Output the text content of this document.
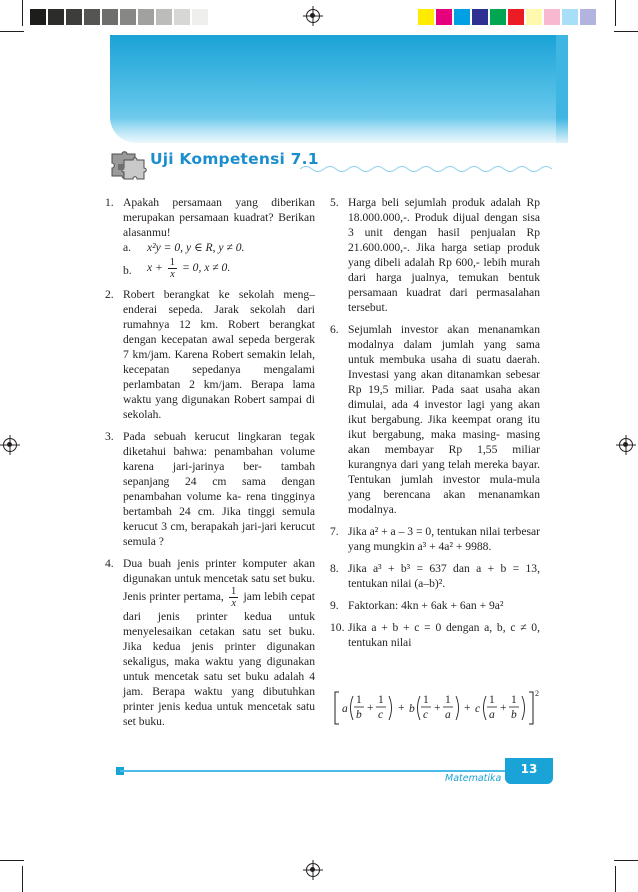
Uji Kompetensi 7.1
1. Apakah persamaan yang diberikan merupakan persamaan kuadrat? Berikan alasanmu!
a. x²y = 0, y ∈ R, y ≠ 0.
b. $x + \frac{1}{x} = 0$, x ≠ 0.
2. Robert berangkat ke sekolah meng– enderai sepeda. Jarak sekolah dari rumahnya 12 km. Robert berangkat dengan kecepatan awal sepeda bergerak 7 km/jam. Karena Robert semakin lelah, kecepatan sepedanya mengalami perlambatan 2 km/jam. Berapa lama waktu yang digunakan Robert sampai di sekolah.
3. Pada sebuah kerucut lingkaran tegak diketahui bahwa: penambahan volume karena jari-jarinya ber- tambah sepanjang 24 cm sama dengan penambahan volume ka- rena tingginya bertambah 24 cm. Jika tinggi semula kerucut 3 cm, berapakah jari-jari kerucut semula ?
4. Dua buah jenis printer komputer akan digunakan untuk mencetak satu set buku. Jenis printer pertama, $\frac{1}{x}$ jam lebih cepat dari jenis printer kedua untuk menyelesaikan cetakan satu set buku. Jika kedua jenis printer digunakan sekaligus, maka waktu yang digunakan untuk mencetak satu set buku adalah 4 jam. Berapa waktu yang dibutuhkan printer jenis kedua untuk mencetak satu set buku.
5. Harga beli sejumlah produk adalah Rp 18.000.000,-. Produk dijual dengan sisa 3 unit dengan hasil penjualan Rp 21.600.000,-. Jika harga setiap produk yang dibeli adalah Rp 600,- lebih murah dari harga jualnya, temukan bentuk persamaan kuadrat dari permasalahan tersebut.
6. Sejumlah investor akan menanamkan modalnya dalam jumlah yang sama untuk membuka usaha di suatu daerah. Investasi yang akan ditanamkan sebesar Rp 19,5 miliar. Pada saat usaha akan dimulai, ada 4 investor lagi yang akan ikut bergabung. Jika keempat orang itu ikut bergabung, maka masing- masing akan membayar Rp 1,55 miliar kurangnya dari yang telah mereka bayar. Tentukan jumlah investor mula-mula yang berencana akan menanamkan modalnya.
7. Jika a² + a – 3 = 0, tentukan nilai terbesar yang mungkin a³ + 4a² + 9988.
8. Jika a³ + b³ = 637 dan a + b = 13, tentukan nilai (a–b)².
9. Faktorkan: 4kn + 6ak + 6an + 9a²
10. Jika a + b + c = 0 dengan a, b, c ≠ 0, tentukan nilai
a
1
b
+
1
c
+ b
1
c
+
1
a
+ c
1
a
+
1
b
2
Matematika
13
